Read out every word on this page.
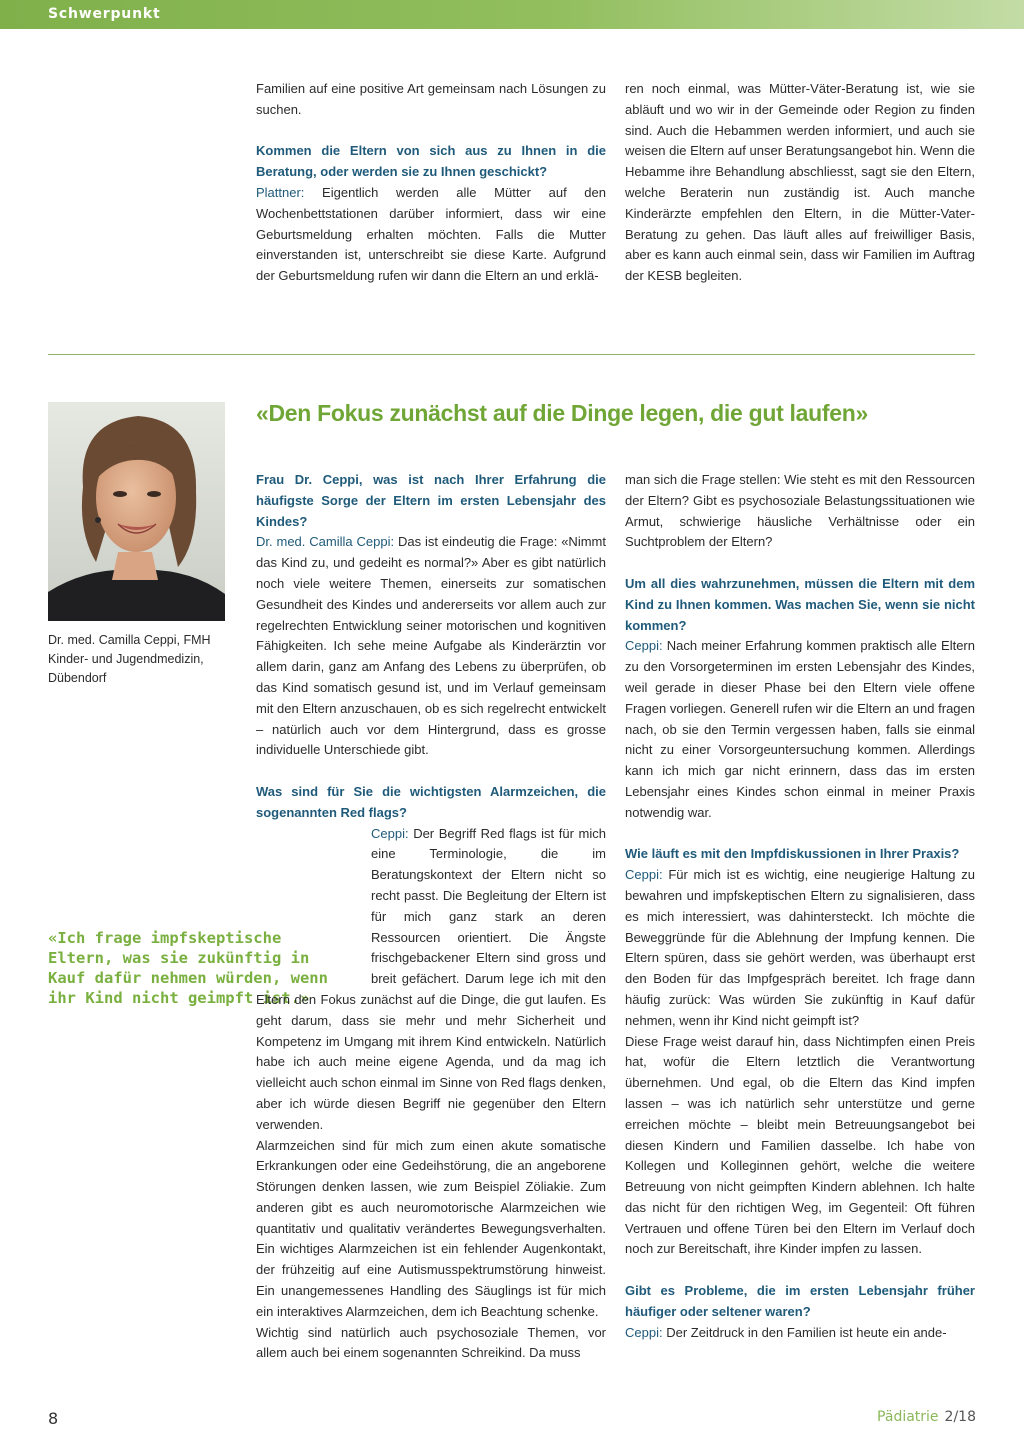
Schwerpunkt

Familien auf eine positive Art gemeinsam nach Lösungen zu suchen.

Kommen die Eltern von sich aus zu Ihnen in die Beratung, oder werden sie zu Ihnen geschickt?

Plattner: Eigentlich werden alle Mütter auf den Wochenbettstationen darüber informiert, dass wir eine Geburtsmeldung erhalten möchten. Falls die Mutter einverstanden ist, unterschreibt sie diese Karte. Aufgrund der Geburtsmeldung rufen wir dann die Eltern an und erklä-

ren noch einmal, was Mütter-Väter-Beratung ist, wie sie abläuft und wo wir in der Gemeinde oder Region zu finden sind. Auch die Hebammen werden informiert, und auch sie weisen die Eltern auf unser Beratungsangebot hin. Wenn die Hebamme ihre Behandlung abschliesst, sagt sie den Eltern, welche Beraterin nun zuständig ist. Auch manche Kinderärzte empfehlen den Eltern, in die Mütter-Vater-Beratung zu gehen. Das läuft alles auf freiwilliger Basis, aber es kann auch einmal sein, dass wir Familien im Auftrag der KESB begleiten.

Dr. med. Camilla Ceppi, FMH Kinder- und Jugendmedizin, Dübendorf
«Den Fokus zunächst auf die Dinge legen, die gut laufen»
«Ich frage impfskeptische Eltern, was sie zukünftig in Kauf dafür nehmen würden, wenn ihr Kind nicht geimpft ist.»

Frau Dr. Ceppi, was ist nach Ihrer Erfahrung die häufigste Sorge der Eltern im ersten Lebensjahr des Kindes?

Dr. med. Camilla Ceppi: Das ist eindeutig die Frage: «Nimmt das Kind zu, und gedeiht es normal?» Aber es gibt natürlich noch viele weitere Themen, einerseits zur somatischen Gesundheit des Kindes und andererseits vor allem auch zur regelrechten Entwicklung seiner motorischen und kognitiven Fähigkeiten. Ich sehe meine Aufgabe als Kinderärztin vor allem darin, ganz am Anfang des Lebens zu überprüfen, ob das Kind somatisch gesund ist, und im Verlauf gemeinsam mit den Eltern anzuschauen, ob es sich regelrecht entwickelt – natürlich auch vor dem Hintergrund, dass es grosse individuelle Unterschiede gibt.

Was sind für Sie die wichtigsten Alarmzeichen, die sogenannten Red flags?

Ceppi: Der Begriff Red flags ist für mich eine Terminologie, die im Beratungskontext der Eltern nicht so recht passt. Die Begleitung der Eltern ist für mich ganz stark an deren Ressourcen orientiert. Die Ängste frischgebackener Eltern sind gross und breit gefächert. Darum lege ich mit den Eltern den Fokus zunächst auf die Dinge, die gut laufen. Es geht darum, dass sie mehr und mehr Sicherheit und Kompetenz im Umgang mit ihrem Kind entwickeln. Natürlich habe ich auch meine eigene Agenda, und da mag ich vielleicht auch schon einmal im Sinne von Red flags denken, aber ich würde diesen Begriff nie gegenüber den Eltern verwenden.

Alarmzeichen sind für mich zum einen akute somatische Erkrankungen oder eine Gedeihstörung, die an angeborene Störungen denken lassen, wie zum Beispiel Zöliakie. Zum anderen gibt es auch neuromotorische Alarmzeichen wie quantitativ und qualitativ verändertes Bewegungsverhalten. Ein wichtiges Alarmzeichen ist ein fehlender Augenkontakt, der frühzeitig auf eine Autismusspektrumstörung hinweist. Ein unangemessenes Handling des Säuglings ist für mich ein interaktives Alarmzeichen, dem ich Beachtung schenke.

Wichtig sind natürlich auch psychosoziale Themen, vor allem auch bei einem sogenannten Schreikind. Da muss

man sich die Frage stellen: Wie steht es mit den Ressourcen der Eltern? Gibt es psychosoziale Belastungssituationen wie Armut, schwierige häusliche Verhältnisse oder ein Suchtproblem der Eltern?

Um all dies wahrzunehmen, müssen die Eltern mit dem Kind zu Ihnen kommen. Was machen Sie, wenn sie nicht kommen?

Ceppi: Nach meiner Erfahrung kommen praktisch alle Eltern zu den Vorsorgeterminen im ersten Lebensjahr des Kindes, weil gerade in dieser Phase bei den Eltern viele offene Fragen vorliegen. Generell rufen wir die Eltern an und fragen nach, ob sie den Termin vergessen haben, falls sie einmal nicht zu einer Vorsorgeuntersuchung kommen. Allerdings kann ich mich gar nicht erinnern, dass das im ersten Lebensjahr eines Kindes schon einmal in meiner Praxis notwendig war.

Wie läuft es mit den Impfdiskussionen in Ihrer Praxis?

Ceppi: Für mich ist es wichtig, eine neugierige Haltung zu bewahren und impfskeptischen Eltern zu signalisieren, dass es mich interessiert, was dahintersteckt. Ich möchte die Beweggründe für die Ablehnung der Impfung kennen. Die Eltern spüren, dass sie gehört werden, was überhaupt erst den Boden für das Impfgespräch bereitet. Ich frage dann häufig zurück: Was würden Sie zukünftig in Kauf dafür nehmen, wenn ihr Kind nicht geimpft ist?

Diese Frage weist darauf hin, dass Nichtimpfen einen Preis hat, wofür die Eltern letztlich die Verantwortung übernehmen. Und egal, ob die Eltern das Kind impfen lassen – was ich natürlich sehr unterstütze und gerne erreichen möchte – bleibt mein Betreuungsangebot bei diesen Kindern und Familien dasselbe. Ich habe von Kollegen und Kolleginnen gehört, welche die weitere Betreuung von nicht geimpften Kindern ablehnen. Ich halte das nicht für den richtigen Weg, im Gegenteil: Oft führen Vertrauen und offene Türen bei den Eltern im Verlauf doch noch zur Bereitschaft, ihre Kinder impfen zu lassen.

Gibt es Probleme, die im ersten Lebensjahr früher häufiger oder seltener waren?

Ceppi: Der Zeitdruck in den Familien ist heute ein ande-

8	Pädiatrie 2/18
